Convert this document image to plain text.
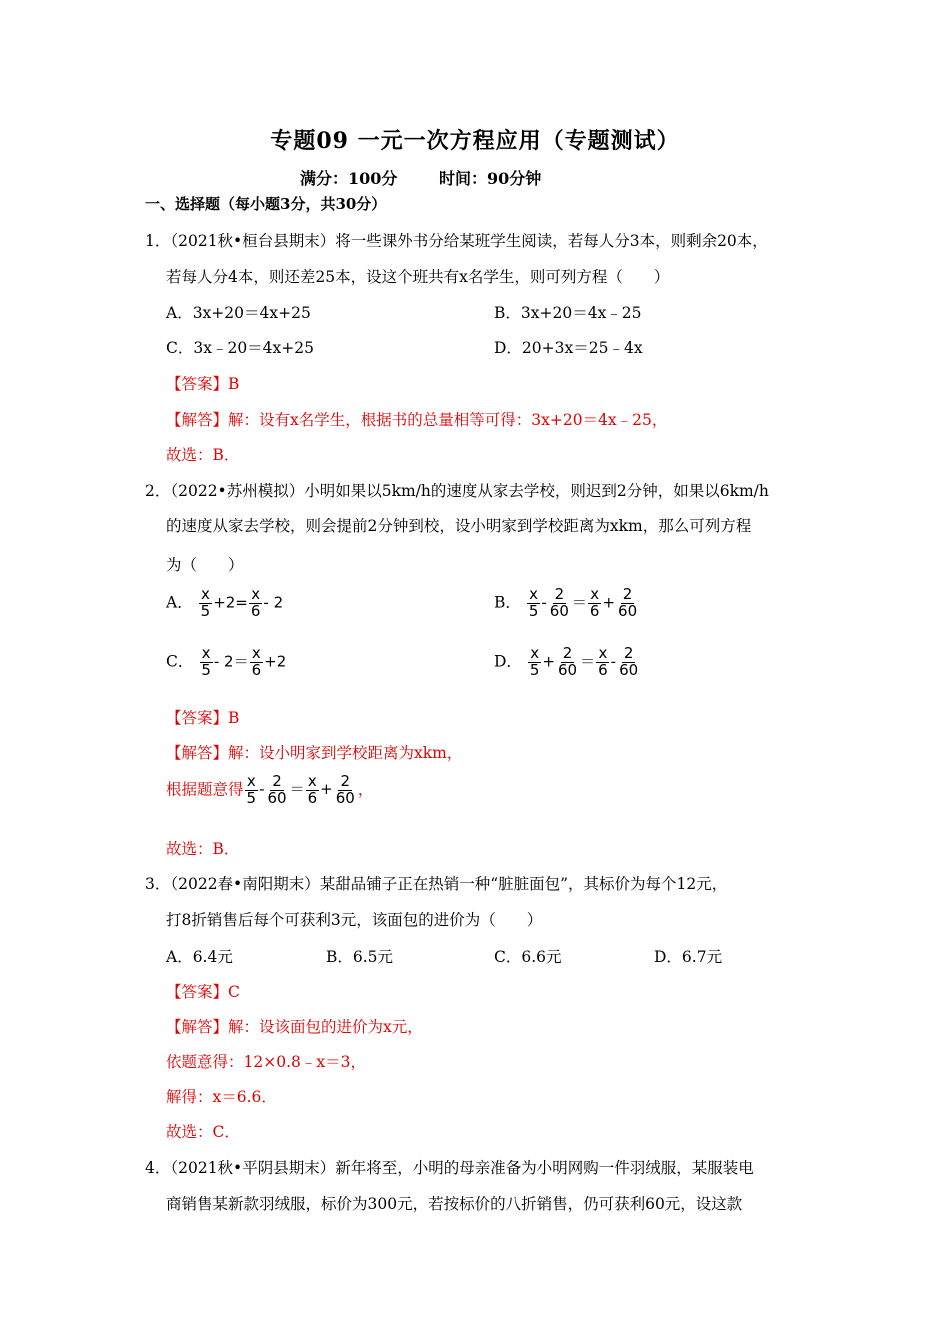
专题09 一元一次方程应用（专题测试）
满分：100分	时间：90分钟
一、选择题（每小题3分，共30分）
1．（2021秋•桓台县期末）将一些课外书分给某班学生阅读，若每人分3本，则剩余20本，
若每人分4本，则还差25本，设这个班共有x名学生，则可列方程（　　）
A．3x+20＝4x+25	B．3x+20＝4x﹣25
C．3x﹣20＝4x+25	D．20+3x＝25﹣4x
【答案】B
【解答】解：设有x名学生，根据书的总量相等可得：3x+20＝4x﹣25，
故选：B．
2．（2022•苏州模拟）小明如果以5km/h的速度从家去学校，则迟到2分钟，如果以6km/h
的速度从家去学校，则会提前2分钟到校，设小明家到学校距离为xkm，那么可列方程
为（　　）
A． $\frac{x}{5} +2= \frac{x}{6} - 2$	B． $\frac{x}{5} - \frac{2}{60} = \frac{x}{6} + \frac{2}{60}$
C． $\frac{x}{5} - 2= \frac{x}{6} +2$	D． $\frac{x}{5} + \frac{2}{60} = \frac{x}{6} - \frac{2}{60}$
【答案】B
【解答】解：设小明家到学校距离为xkm，
根据题意得 $\frac{x}{5} - \frac{2}{60} = \frac{x}{6} + \frac{2}{60}$ ，
故选：B．
3．（2022春•南阳期末）某甜品铺子正在热销一种“脏脏面包”，其标价为每个12元，
打8折销售后每个可获利3元，该面包的进价为（　　）
A．6.4元	B．6.5元	C．6.6元	D．6.7元
【答案】C
【解答】解：设该面包的进价为x元，
依题意得：12×0.8﹣x＝3，
解得：x＝6.6．
故选：C．
4．（2021秋•平阴县期末）新年将至，小明的母亲准备为小明网购一件羽绒服，某服装电
商销售某新款羽绒服，标价为300元，若按标价的八折销售，仍可获利60元，设这款
